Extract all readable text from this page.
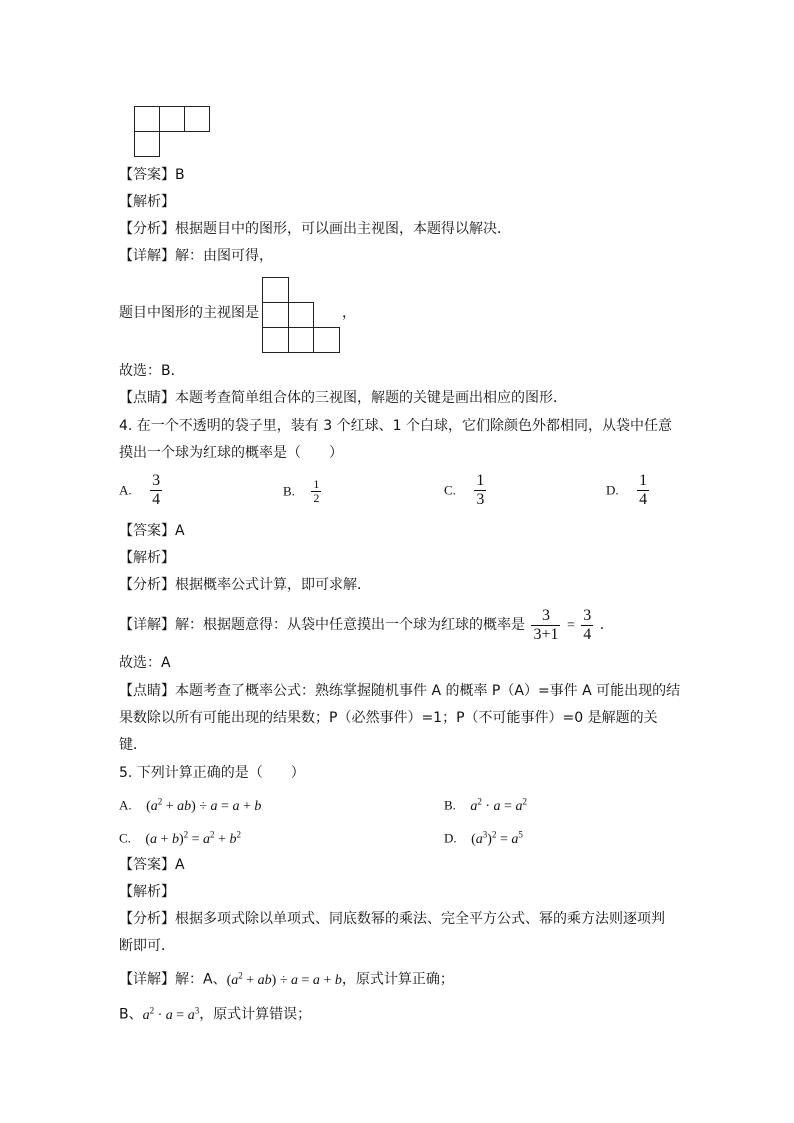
【答案】B
【解析】
【分析】根据题目中的图形，可以画出主视图，本题得以解决．
【详解】解：由图可得，
题目中图形的主视图是	，
故选：B．
【点睛】本题考查简单组合体的三视图，解题的关键是画出相应的图形．
4. 在一个不透明的袋子里，装有 3 个红球、1 个白球，它们除颜色外都相同，从袋中任意
摸出一个球为红球的概率是（　　）
A. $\frac{3}{4}$	B. $\frac{1}{2}$	C. $\frac{1}{3}$	D. $\frac{1}{4}$
【答案】A
【解析】
【分析】根据概率公式计算，即可求解．
【详解】解：根据题意得：从袋中任意摸出一个球为红球的概率是 $\frac{3}{3+1} = \frac{3}{4}$ ．
故选：A
【点睛】本题考查了概率公式：熟练掌握随机事件 A 的概率 P（A）=事件 A 可能出现的结
果数除以所有可能出现的结果数；P（必然事件）=1；P（不可能事件）=0 是解题的关
键．
5. 下列计算正确的是（　　）
A. $(a^2 + ab) \div a = a + b$	B. $a^2 \cdot a = a^2$
C. $(a + b)^2 = a^2 + b^2$	D. $(a^3)^2 = a^5$
【答案】A
【解析】
【分析】根据多项式除以单项式、同底数幂的乘法、完全平方公式、幂的乘方法则逐项判
断即可．
【详解】解：A、$(a^2 + ab) \div a = a + b$，原式计算正确；
B、$a^2 \cdot a = a^3$，原式计算错误；
